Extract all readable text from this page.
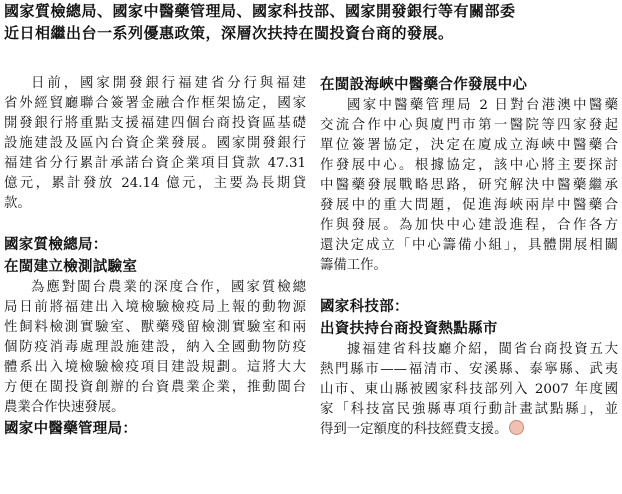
國家質檢總局、國家中醫藥管理局、國家科技部、國家開發銀行等有關部委
近日相繼出台一系列優惠政策，深層次扶持在閩投資台商的發展。
日前，國家開發銀行福建省分行與福建
省外經貿廳聯合簽署金融合作框架協定，國家
開發銀行將重點支援福建四個台商投資區基礎
設施建設及區內台資企業發展。國家開發銀行
福建省分行累計承諾台資企業項目貸款 47.31
億元，累計發放 24.14 億元，主要為長期貸
款。
國家質檢總局：
在閩建立檢測試驗室
為應對閩台農業的深度合作，國家質檢總
局日前將福建出入境檢驗檢疫局上報的動物源
性飼料檢測實驗室、獸藥殘留檢測實驗室和兩
個防疫消毒處理設施建設，納入全國動物防疫
體系出入境檢驗檢疫項目建設規劃。這將大大
方便在閩投資創辦的台資農業企業，推動閩台
農業合作快速發展。
國家中醫藥管理局：
在閩設海峽中醫藥合作發展中心
國家中醫藥管理局 2 日對台港澳中醫藥
交流合作中心與廈門市第一醫院等四家發起
單位簽署協定，決定在廈成立海峽中醫藥合
作發展中心。根據協定，該中心將主要探討
中醫藥發展戰略思路，研究解決中醫藥繼承
發展中的重大問題，促進海峽兩岸中醫藥合
作與發展。為加快中心建設進程，合作各方
還決定成立「中心籌備小組」，具體開展相關
籌備工作。
國家科技部：
出資扶持台商投資熱點縣市
據福建省科技廳介紹，閩省台商投資五大
熱門縣市——福清市、安溪縣、泰寧縣、武夷
山市、東山縣被國家科技部列入 2007 年度國
家「科技富民強縣專項行動計畫試點縣」，並
得到一定額度的科技經費支援。
